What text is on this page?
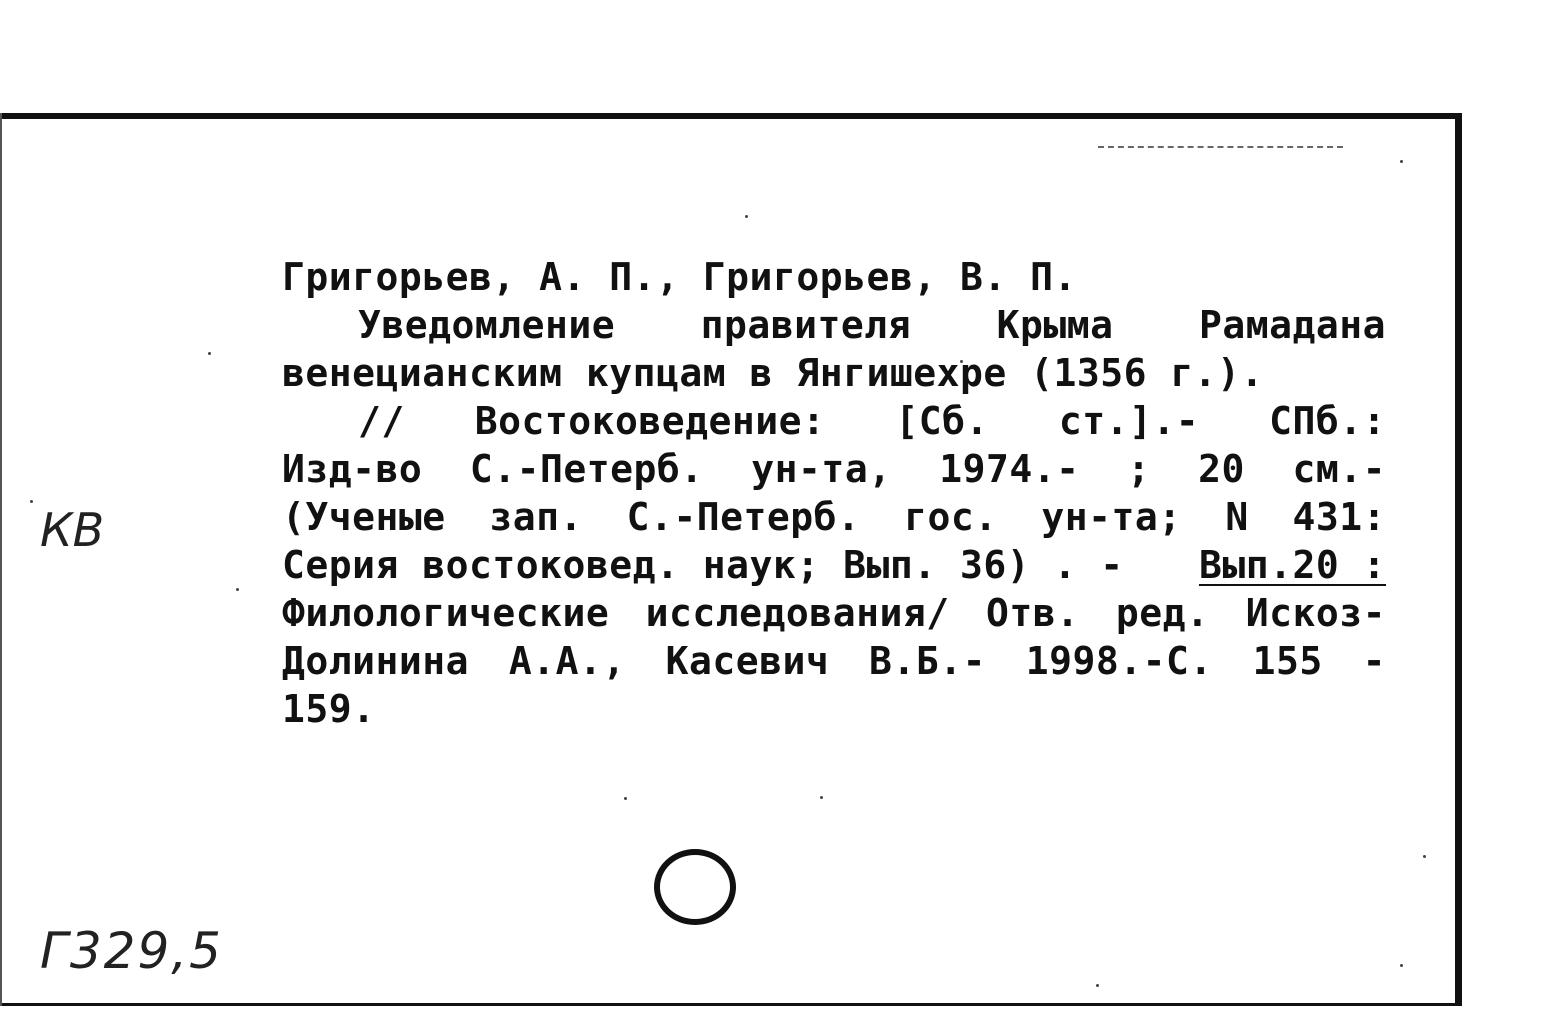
Григорьев, А. П., Григорьев, В. П.
Уведомление правителя Крыма Рамадана
венецианским купцам в Янгишехре (1356 г.).
// Востоковедение: [Сб. ст.].- СПб.:
Изд-во С.-Петерб. ун-та, 1974.- ; 20 см.-
(Ученые зап. С.-Петерб. гос. ун-та; N 431:
Серия востоковед. наук; Вып. 36) . - Вып.20 :
Филологические исследования/ Отв. ред. Искоз-
Долинина А.А., Касевич В.Б.- 1998.-С. 155 -
159.
КВ
Г329,5
